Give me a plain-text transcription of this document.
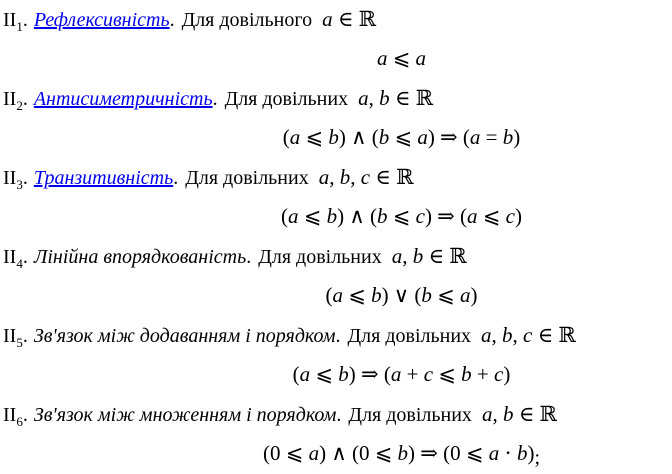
$II_1$. Рефлексивність. Для довільного a ∈ ℝ
a ⩽ a
$II_2$. Антисиметричність. Для довільних a, b ∈ ℝ
(a ⩽ b) ∧ (b ⩽ a) ⇒ (a = b)
$II_3$. Транзитивність. Для довільних a, b, c ∈ ℝ
(a ⩽ b) ∧ (b ⩽ c) ⇒ (a ⩽ c)
$II_4$. Лінійна впорядкованість. Для довільних a, b ∈ ℝ
(a ⩽ b) ∨ (b ⩽ a)
$II_5$. Зв'язок між додаванням і порядком. Для довільних a, b, c ∈ ℝ
(a ⩽ b) ⇒ (a + c ⩽ b + c)
$II_6$. Зв'язок між множенням і порядком. Для довільних a, b ∈ ℝ
(0 ⩽ a) ∧ (0 ⩽ b) ⇒ (0 ⩽ a ⋅ b);
